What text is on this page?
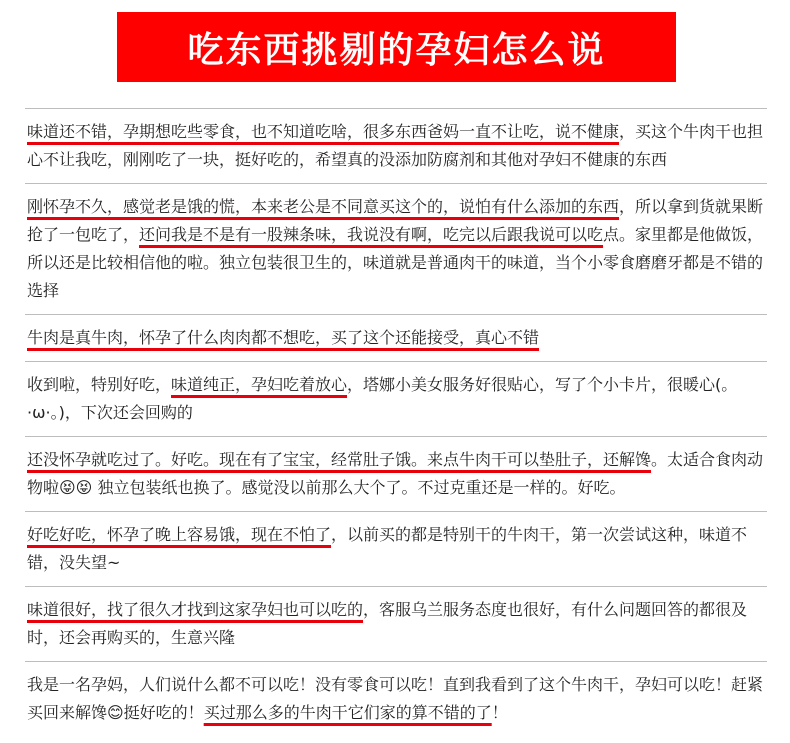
吃东西挑剔的孕妇怎么说
味道还不错，孕期想吃些零食，也不知道吃啥，很多东西爸妈一直不让吃，说不健康，买这个牛肉干也担心不让我吃，刚刚吃了一块，挺好吃的，希望真的没添加防腐剂和其他对孕妇不健康的东西
刚怀孕不久，感觉老是饿的慌，本来老公是不同意买这个的，说怕有什么添加的东西，所以拿到货就果断抢了一包吃了，还问我是不是有一股辣条味，我说没有啊，吃完以后跟我说可以吃点。家里都是他做饭，所以还是比较相信他的啦。独立包装很卫生的，味道就是普通肉干的味道，当个小零食磨磨牙都是不错的选择
牛肉是真牛肉，怀孕了什么肉肉都不想吃，买了这个还能接受，真心不错
收到啦，特别好吃，味道纯正，孕妇吃着放心，塔娜小美女服务好很贴心，写了个小卡片，很暖心(。·ω·。)，下次还会回购的
还没怀孕就吃过了。好吃。现在有了宝宝，经常肚子饿。来点牛肉干可以垫肚子，还解馋。太适合食肉动物啦😝😝 独立包装纸也换了。感觉没以前那么大个了。不过克重还是一样的。好吃。
好吃好吃，怀孕了晚上容易饿，现在不怕了，以前买的都是特别干的牛肉干，第一次尝试这种，味道不错，没失望~
味道很好，找了很久才找到这家孕妇也可以吃的，客服乌兰服务态度也很好，有什么问题回答的都很及时，还会再购买的，生意兴隆
我是一名孕妈，人们说什么都不可以吃！没有零食可以吃！直到我看到了这个牛肉干，孕妇可以吃！赶紧买回来解馋😊挺好吃的！买过那么多的牛肉干它们家的算不错的了！
